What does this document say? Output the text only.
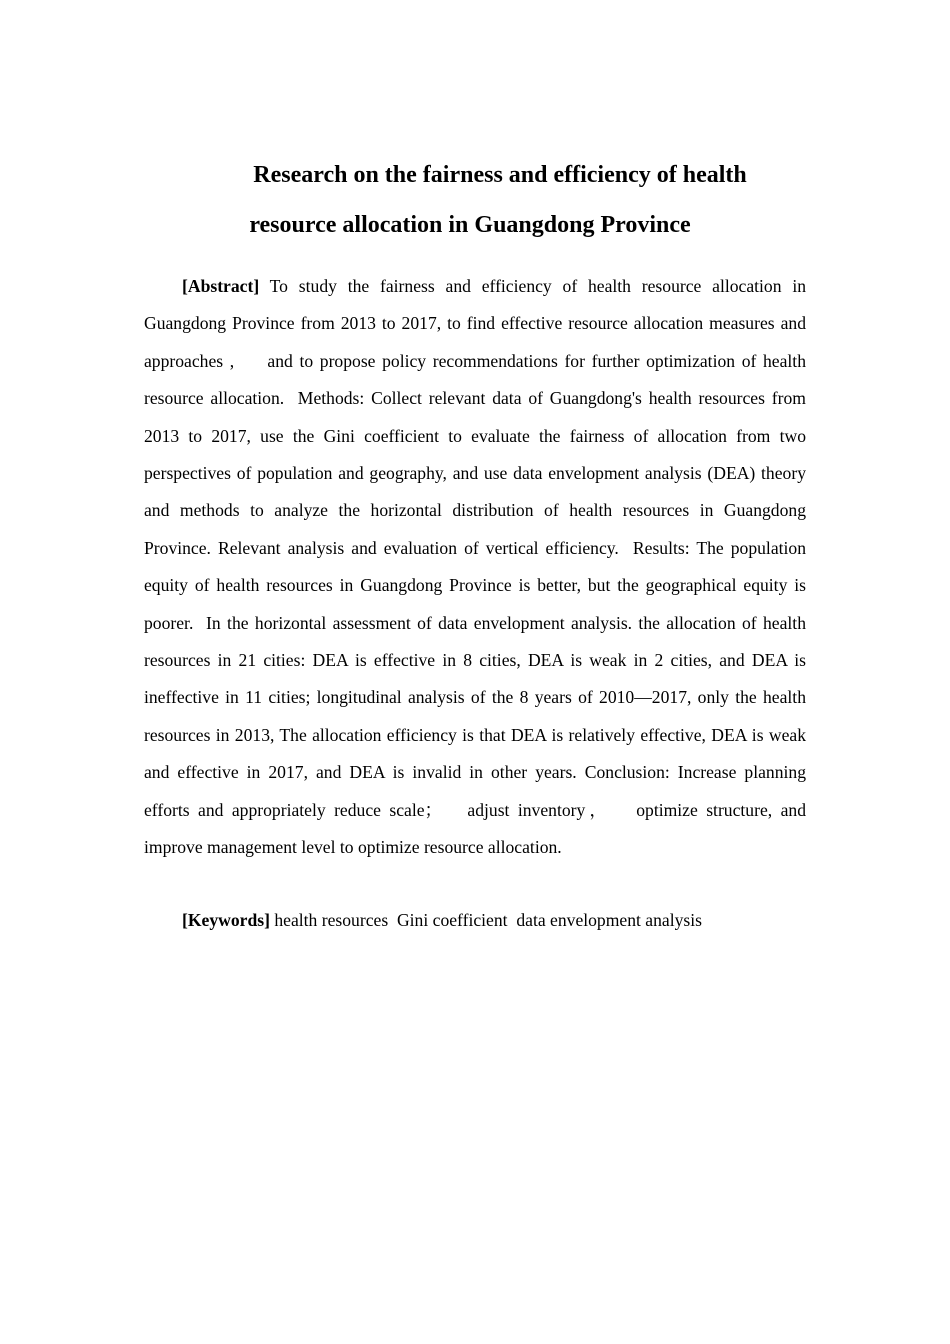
Research on the fairness and efficiency of health
resource allocation in Guangdong Province

[Abstract] To study the fairness and efficiency of health resource allocation in Guangdong Province from 2013 to 2017, to find effective resource allocation measures and approaches ,     and to propose policy recommendations for further optimization of health resource allocation.  Methods: Collect relevant data of Guangdong's health resources from 2013 to 2017, use the Gini coefficient to evaluate the fairness of allocation from two perspectives of population and geography, and use data envelopment analysis (DEA) theory and methods to analyze the horizontal distribution of health resources in Guangdong Province. Relevant analysis and evaluation of vertical efficiency.  Results: The population equity of health resources in Guangdong Province is better, but the geographical equity is poorer.  In the horizontal assessment of data envelopment analysis. the allocation of health resources in 21 cities: DEA is effective in 8 cities, DEA is weak in 2 cities, and DEA is ineffective in 11 cities; longitudinal analysis of the 8 years of 2010—2017, only the health resources in 2013, The allocation efficiency is that DEA is relatively effective, DEA is weak and effective in 2017, and DEA is invalid in other years. Conclusion: Increase planning efforts and appropriately reduce scale；   adjust inventory，   optimize structure, and improve management level to optimize resource allocation.

[Keywords] health resources  Gini coefficient  data envelopment analysis
